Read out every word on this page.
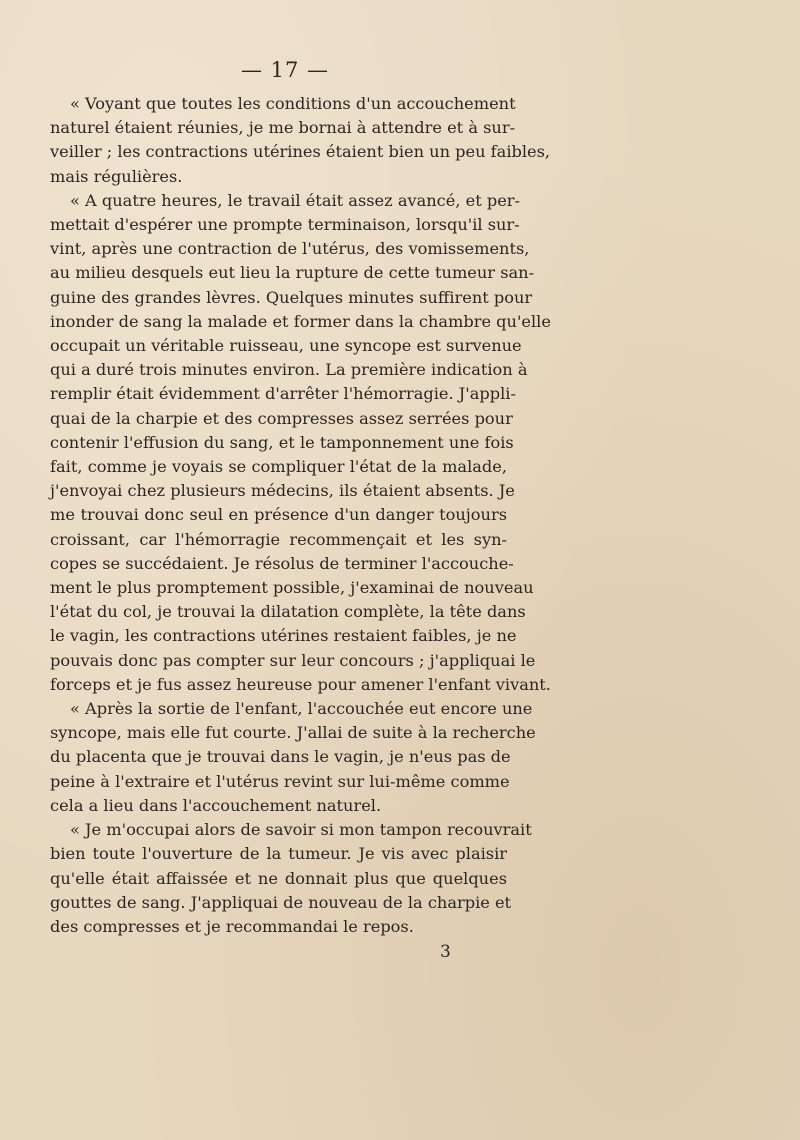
— 17 —
« Voyant que toutes les conditions d'un accouchement
naturel étaient réunies, je me bornai à attendre et à sur-
veiller ; les contractions utérines étaient bien un peu faibles,
mais régulières.
« A quatre heures, le travail était assez avancé, et per-
mettait d'espérer une prompte terminaison, lorsqu'il sur-
vint, après une contraction de l'utérus, des vomissements,
au milieu desquels eut lieu la rupture de cette tumeur san-
guine des grandes lèvres. Quelques minutes suffirent pour
inonder de sang la malade et former dans la chambre qu'elle
occupait un véritable ruisseau, une syncope est survenue
qui a duré trois minutes environ. La première indication à
remplir était évidemment d'arrêter l'hémorragie. J'appli-
quai de la charpie et des compresses assez serrées pour
contenir l'effusion du sang, et le tamponnement une fois
fait, comme je voyais se compliquer l'état de la malade,
j'envoyai chez plusieurs médecins, ils étaient absents. Je
me trouvai donc seul en présence d'un danger toujours
croissant, car l'hémorragie recommençait et les syn-
copes se succédaient. Je résolus de terminer l'accouche-
ment le plus promptement possible, j'examinai de nouveau
l'état du col, je trouvai la dilatation complète, la tête dans
le vagin, les contractions utérines restaient faibles, je ne
pouvais donc pas compter sur leur concours ; j'appliquai le
forceps et je fus assez heureuse pour amener l'enfant vivant.
« Après la sortie de l'enfant, l'accouchée eut encore une
syncope, mais elle fut courte. J'allai de suite à la recherche
du placenta que je trouvai dans le vagin, je n'eus pas de
peine à l'extraire et l'utérus revint sur lui-même comme
cela a lieu dans l'accouchement naturel.
« Je m'occupai alors de savoir si mon tampon recouvrait
bien toute l'ouverture de la tumeur. Je vis avec plaisir
qu'elle était affaissée et ne donnait plus que quelques
gouttes de sang. J'appliquai de nouveau de la charpie et
des compresses et je recommandai le repos.
3
